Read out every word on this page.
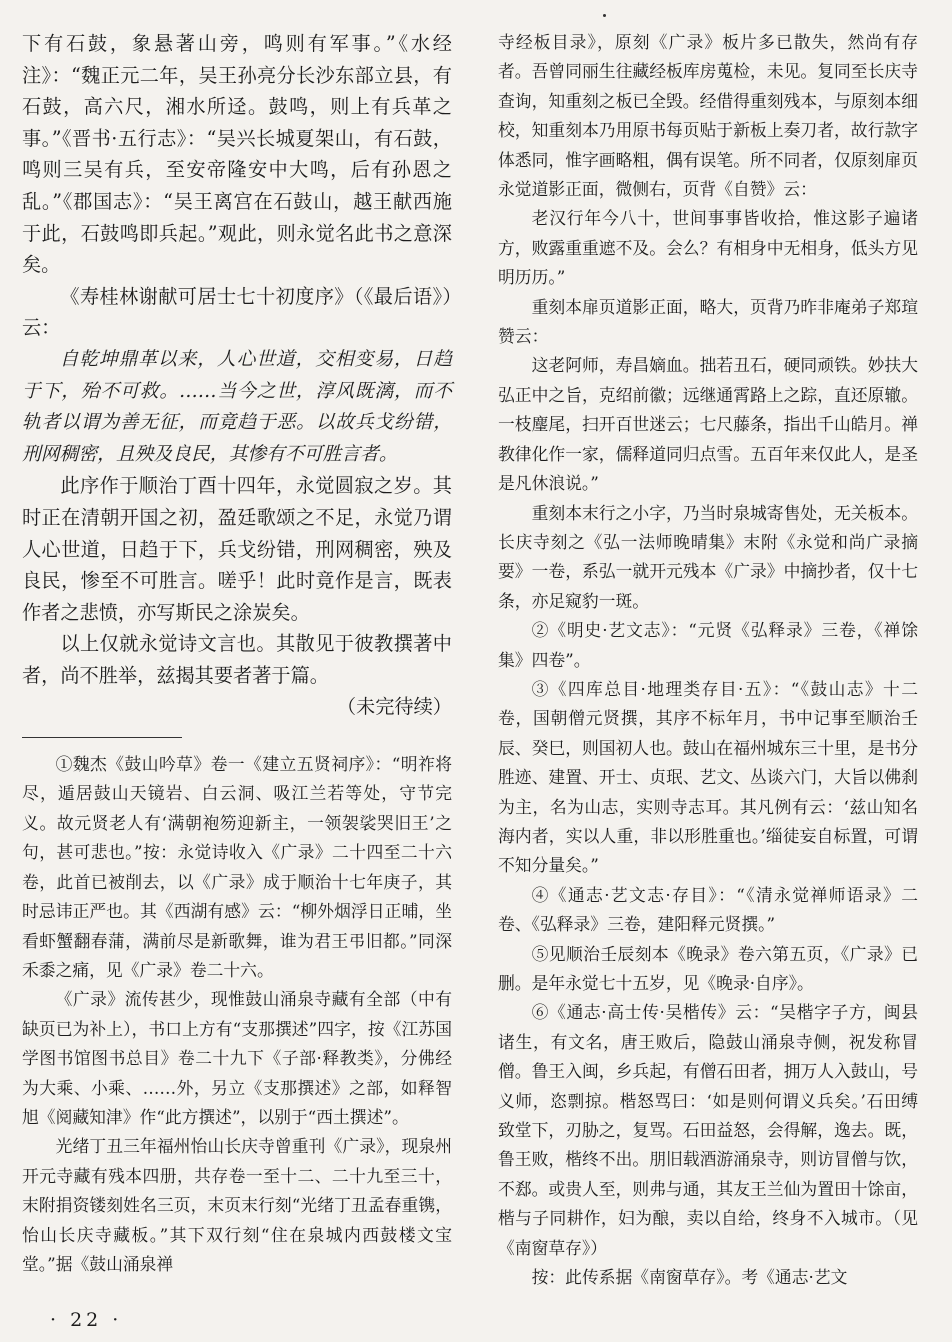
下有石鼓，象悬著山旁，鸣则有军事。”《水经注》：“魏正元二年，吴王孙亮分长沙东部立县，有石鼓，高六尺，湘水所迳。鼓鸣，则上有兵革之事。”《晋书·五行志》：“吴兴长城夏架山，有石鼓，鸣则三吴有兵，至安帝隆安中大鸣，后有孙恩之乱。”《郡国志》：“吴王离宫在石鼓山，越王献西施于此，石鼓鸣即兵起。”观此，则永觉名此书之意深矣。

《寿桂林谢献可居士七十初度序》（《最后语》）云：

自乾坤鼎革以来，人心世道，交相变易，日趋于下，殆不可救。……当今之世，淳风既漓，而不轨者以谓为善无征，而竟趋于恶。以故兵戈纷错，刑网稠密，且殃及良民，其惨有不可胜言者。

此序作于顺治丁酉十四年，永觉圆寂之岁。其时正在清朝开国之初，盈廷歌颂之不足，永觉乃谓人心世道，日趋于下，兵戈纷错，刑网稠密，殃及良民，惨至不可胜言。嗟乎！此时竟作是言，既表作者之悲愤，亦写斯民之涂炭矣。

以上仅就永觉诗文言也。其散见于彼教撰著中者，尚不胜举，兹揭其要者著于篇。

（未完待续）

①魏杰《鼓山吟草》卷一《建立五贤祠序》：“明祚将尽，遁居鼓山天镜岩、白云洞、吸江兰若等处，守节完义。故元贤老人有‘满朝袍笏迎新主，一领袈裟哭旧王’之句，甚可悲也。”按：永觉诗收入《广录》二十四至二十六卷，此首已被削去，以《广录》成于顺治十七年庚子，其时忌讳正严也。其《西湖有感》云：“柳外烟浮日正晡，坐看虾蟹翻春蒲，满前尽是新歌舞，谁为君王弔旧都。”同深禾黍之痛，见《广录》卷二十六。

《广录》流传甚少，现惟鼓山涌泉寺藏有全部（中有缺页已为补上），书口上方有“支那撰述”四字，按《江苏国学图书馆图书总目》卷二十九下《子部·释教类》，分佛经为大乘、小乘、……外，另立《支那撰述》之部，如释智旭《阅藏知津》作“此方撰述”，以别于“西土撰述”。

光绪丁丑三年福州怡山长庆寺曾重刊《广录》，现泉州开元寺藏有残本四册，共存卷一至十二、二十九至三十，末附捐资镂刻姓名三页，末页末行刻“光绪丁丑孟春重镌，怡山长庆寺藏板。”其下双行刻“住在泉城内西鼓楼文宝堂。”据《鼓山涌泉禅

寺经板目录》，原刻《广录》板片多已散失，然尚有存者。吾曾同丽生往藏经板库房蒐检，未见。复同至长庆寺查询，知重刻之板已全毁。经借得重刻残本，与原刻本细校，知重刻本乃用原书每页贴于新板上奏刀者，故行款字体悉同，惟字画略粗，偶有误笔。所不同者，仅原刻扉页永觉道影正面，微侧右，页背《自赞》云：

老汉行年今八十，世间事事皆收拾，惟这影子遍诸方，败露重重遮不及。会么？有相身中无相身，低头方见明历历。”

重刻本扉页道影正面，略大，页背乃昨非庵弟子郑瑄赞云：

这老阿师，寿昌嫡血。拙若丑石，硬同顽铁。妙扶大弘正中之旨，克绍前徽；远继通霄路上之踪，直还原辙。一枝麈尾，扫开百世迷云；七尺藤条，指出千山皓月。禅教律化作一家，儒释道同归点雪。五百年来仅此人，是圣是凡休浪说。”

重刻本末行之小字，乃当时泉城寄售处，无关板本。长庆寺刻之《弘一法师晚晴集》末附《永觉和尚广录摘要》一卷，系弘一就开元残本《广录》中摘抄者，仅十七条，亦足窥豹一斑。

②《明史·艺文志》：“元贤《弘释录》三卷，《禅馀集》四卷”。

③《四库总目·地理类存目·五》：“《鼓山志》十二卷，国朝僧元贤撰，其序不标年月，书中记事至顺治壬辰、癸巳，则国初人也。鼓山在福州城东三十里，是书分胜迹、建置、开士、贞珉、艺文、丛谈六门，大旨以佛刹为主，名为山志，实则寺志耳。其凡例有云：‘兹山知名海内者，实以人重，非以形胜重也。’缁徒妄自标置，可谓不知分量矣。”

④《通志·艺文志·存目》：“《清永觉禅师语录》二卷、《弘释录》三卷，建阳释元贤撰。”

⑤见顺治壬辰刻本《晚录》卷六第五页，《广录》已删。是年永觉七十五岁，见《晚录·自序》。

⑥《通志·高士传·吴楷传》云：“吴楷字子方，闽县诸生，有文名，唐王败后，隐鼓山涌泉寺侧，祝发称冒僧。鲁王入闽，乡兵起，有僧石田者，拥万人入鼓山，号义师，恣剽掠。楷怒骂曰：‘如是则何谓义兵矣。’石田缚致堂下，刃胁之，复骂。石田益怒，会得解，逸去。既，鲁王败，楷终不出。朋旧载酒游涌泉寺，则访冒僧与饮，不郄。或贵人至，则弗与通，其友王兰仙为置田十馀亩，楷与子同耕作，妇为酿，卖以自给，终身不入城市。（见《南窗草存》）

按：此传系据《南窗草存》。考《通志·艺文

· 22 ·
